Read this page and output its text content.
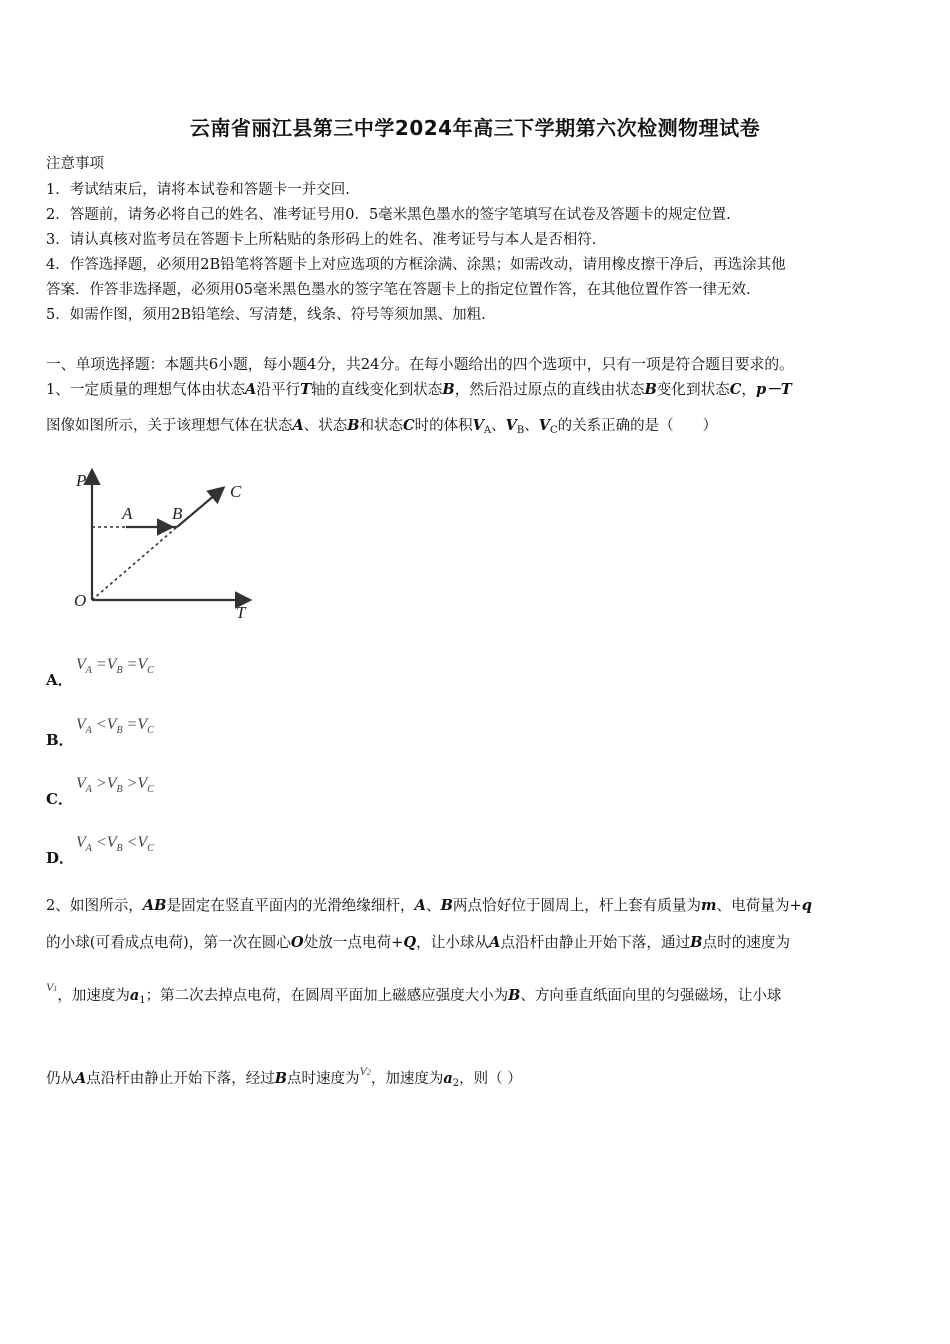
云南省丽江县第三中学2024年高三下学期第六次检测物理试卷
注意事项
1．考试结束后，请将本试卷和答题卡一并交回.
2．答题前，请务必将自己的姓名、准考证号用0．5毫米黑色墨水的签字笔填写在试卷及答题卡的规定位置.
3．请认真核对监考员在答题卡上所粘贴的条形码上的姓名、准考证号与本人是否相符.
4．作答选择题，必须用2B铅笔将答题卡上对应选项的方框涂满、涂黑；如需改动，请用橡皮擦干净后，再选涂其他
答案．作答非选择题，必须用05毫米黑色墨水的签字笔在答题卡上的指定位置作答，在其他位置作答一律无效.
5．如需作图，须用2B铅笔绘、写清楚，线条、符号等须加黑、加粗.
一、单项选择题：本题共6小题，每小题4分，共24分。在每小题给出的四个选项中，只有一项是符合题目要求的。
1、一定质量的理想气体由状态A沿平行T轴的直线变化到状态B，然后沿过原点的直线由状态B变化到状态C，p－T
图像如图所示，关于该理想气体在状态A、状态B和状态C时的体积$V_A$、$V_B$、$V_C$的关系正确的是（　　）
P
T
O
A B
C
A．
$V_A =V_B =V_C$
B．
$V_A <V_B =V_C$
C．
$V_A >V_B >V_C$
D．
$V_A <V_B <V_C$
2、如图所示，AB是固定在竖直平面内的光滑绝缘细杆，A、B两点恰好位于圆周上，杆上套有质量为m、电荷量为+q
的小球(可看成点电荷)，第一次在圆心O处放一点电荷+Q，让小球从A点沿杆由静止开始下落，通过B点时的速度为
$^{V1}$，加速度为$a_1$；第二次去掉点电荷，在圆周平面加上磁感应强度大小为B、方向垂直纸面向里的匀强磁场，让小球
仍从A点沿杆由静止开始下落，经过B点时速度为$^{V2}$，加速度为$a_2$，则（ ）
